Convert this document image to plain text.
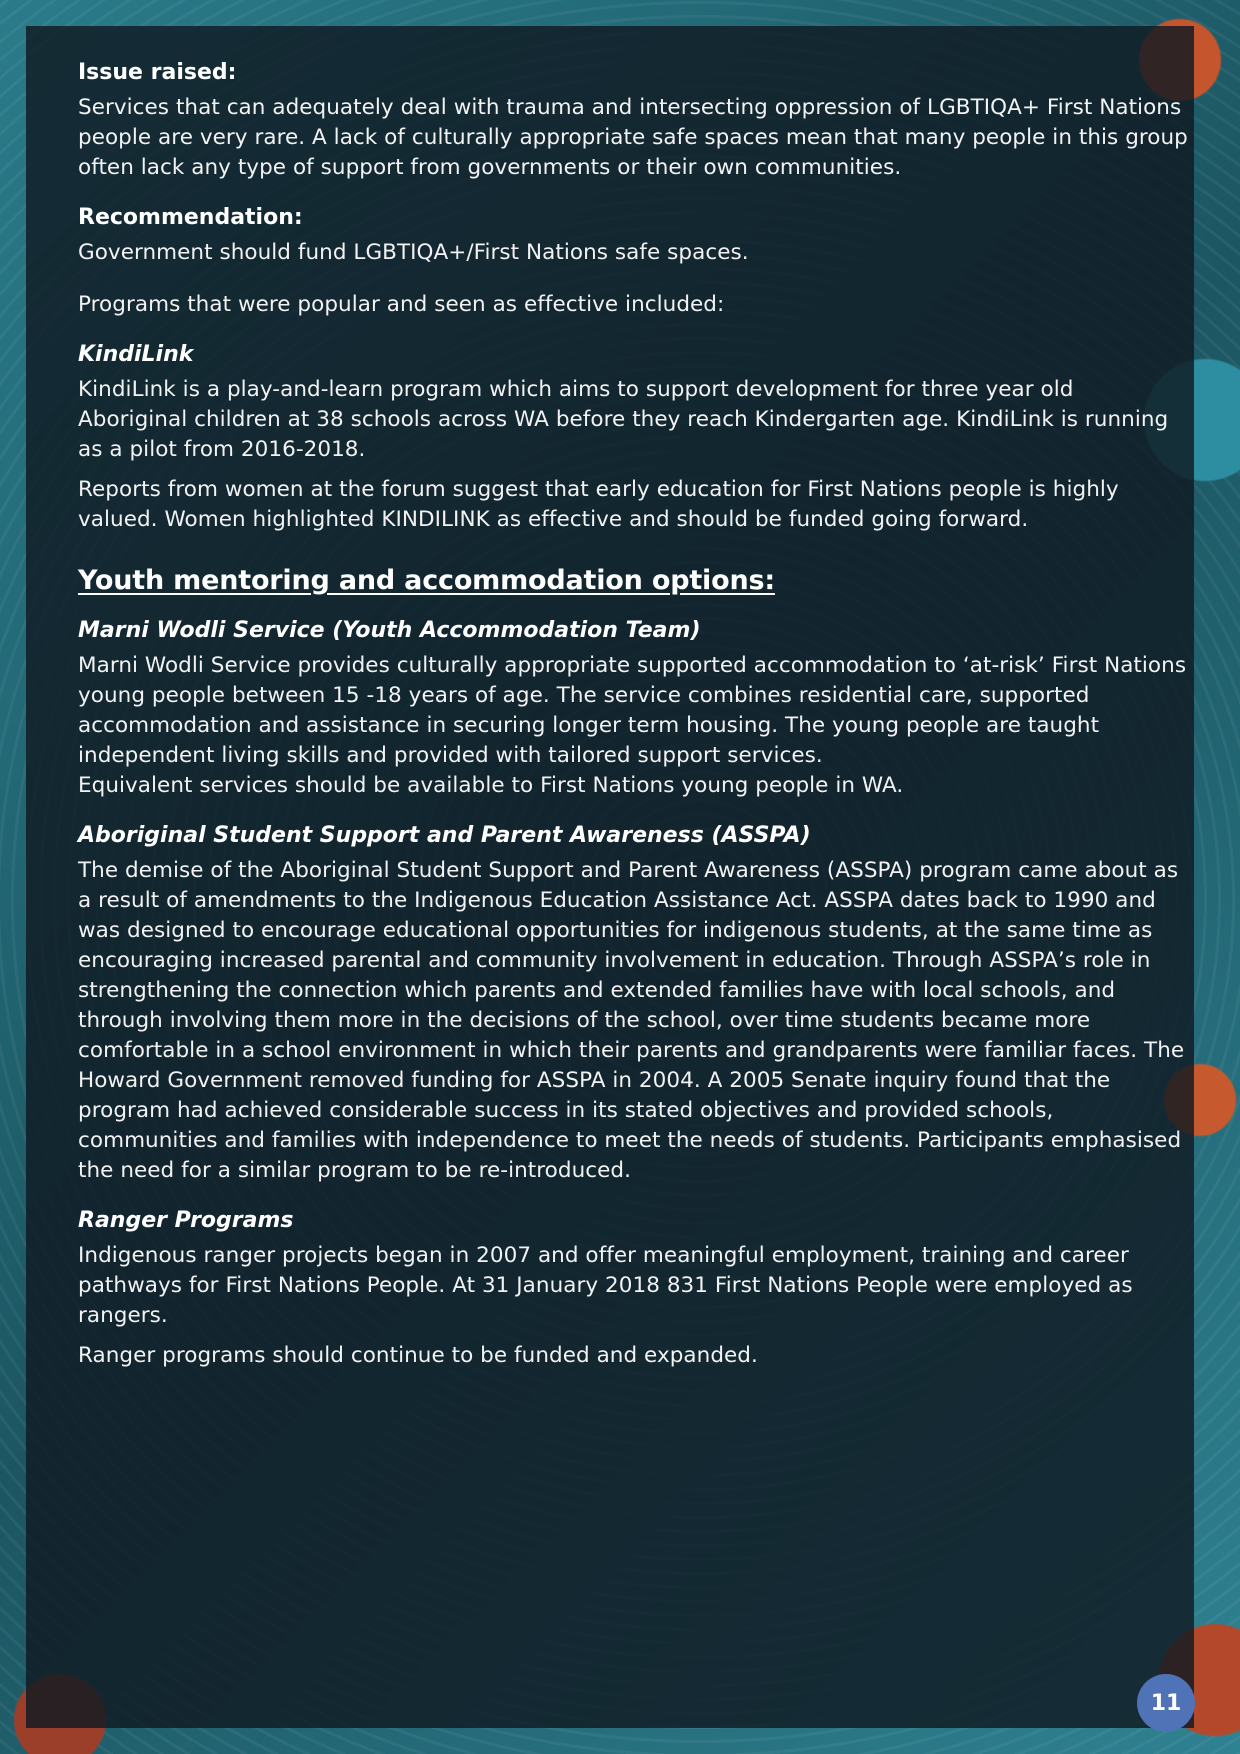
Issue raised:

Services that can adequately deal with trauma and intersecting oppression of LGBTIQA+ First Nations people are very rare. A lack of culturally appropriate safe spaces mean that many people in this group often lack any type of support from governments or their own communities.

Recommendation:

Government should fund LGBTIQA+/First Nations safe spaces.

Programs that were popular and seen as effective included:

KindiLink

KindiLink is a play-and-learn program which aims to support development for three year old Aboriginal children at 38 schools across WA before they reach Kindergarten age. KindiLink is running as a pilot from 2016-2018.

Reports from women at the forum suggest that early education for First Nations people is highly valued. Women highlighted KINDILINK as effective and should be funded going forward.

Youth mentoring and accommodation options:
Marni Wodli Service (Youth Accommodation Team)

Marni Wodli Service provides culturally appropriate supported accommodation to ‘at-risk’ First Nations young people between 15 -18 years of age. The service combines residential care, supported accommodation and assistance in securing longer term housing. The young people are taught independent living skills and provided with tailored support services.

Equivalent services should be available to First Nations young people in WA.

Aboriginal Student Support and Parent Awareness (ASSPA)

The demise of the Aboriginal Student Support and Parent Awareness (ASSPA) program came about as a result of amendments to the Indigenous Education Assistance Act. ASSPA dates back to 1990 and was designed to encourage educational opportunities for indigenous students, at the same time as encouraging increased parental and community involvement in education. Through ASSPA’s role in strengthening the connection which parents and extended families have with local schools, and through involving them more in the decisions of the school, over time students became more comfortable in a school environment in which their parents and grandparents were familiar faces. The Howard Government removed funding for ASSPA in 2004. A 2005 Senate inquiry found that the program had achieved considerable success in its stated objectives and provided schools, communities and families with independence to meet the needs of students. Participants emphasised the need for a similar program to be re-introduced.

Ranger Programs

Indigenous ranger projects began in 2007 and offer meaningful employment, training and career pathways for First Nations People. At 31 January 2018 831 First Nations People were employed as rangers.

Ranger programs should continue to be funded and expanded.

11
